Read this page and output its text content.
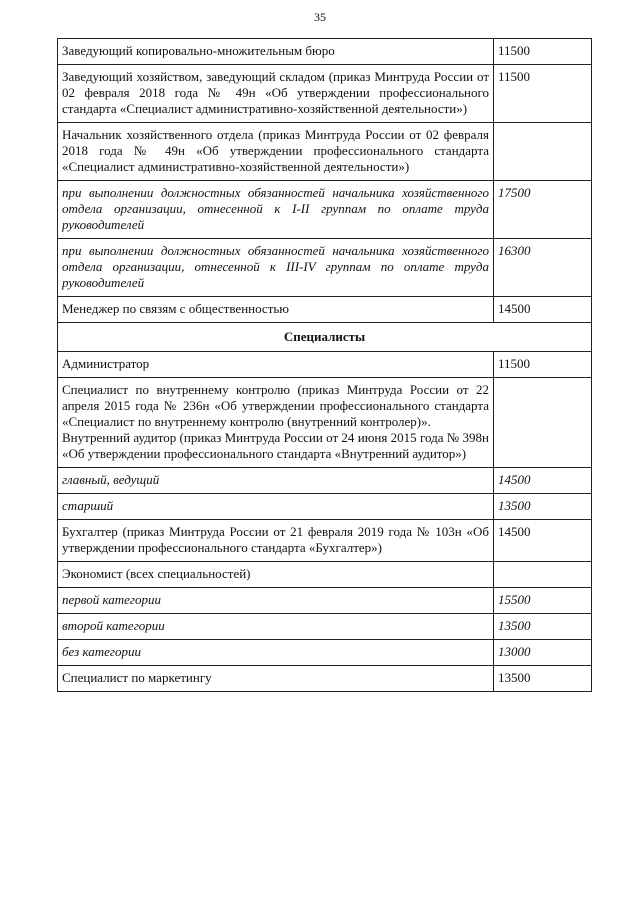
35
Заведующий копировально-множительным бюро	11500
Заведующий хозяйством, заведующий складом (приказ Минтруда России от 02 февраля 2018 года № 49н «Об утверждении профессионального стандарта «Специалист административно-хозяйственной деятельности»)	11500
Начальник хозяйственного отдела (приказ Минтруда России от 02 февраля 2018 года № 49н «Об утверждении профессионального стандарта «Специалист административно-хозяйственной деятельности»)	
при выполнении должностных обязанностей начальника хозяйственного отдела организации, отнесенной к I-II группам по оплате труда руководителей	17500
при выполнении должностных обязанностей начальника хозяйственного отдела организации, отнесенной к III-IV группам по оплате труда руководителей	16300
Менеджер по связям с общественностью	14500
Специалисты	
Администратор	11500

Специалист по внутреннему контролю (приказ Минтруда России от 22 апреля 2015 года № 236н «Об утверждении профессионального стандарта «Специалист по внутреннему контролю (внутренний контролер)».
Внутренний аудитор (приказ Минтруда России от 24 июня 2015 года № 398н «Об утверждении профессионального стандарта «Внутренний аудитор»)	

главный, ведущий	14500
старший	13500
Бухгалтер (приказ Минтруда России от 21 февраля 2019 года № 103н «Об утверждении профессионального стандарта «Бухгалтер»)	14500
Экономист (всех специальностей)	
первой категории	15500
второй категории	13500
без категории	13000
Специалист по маркетингу	13500
